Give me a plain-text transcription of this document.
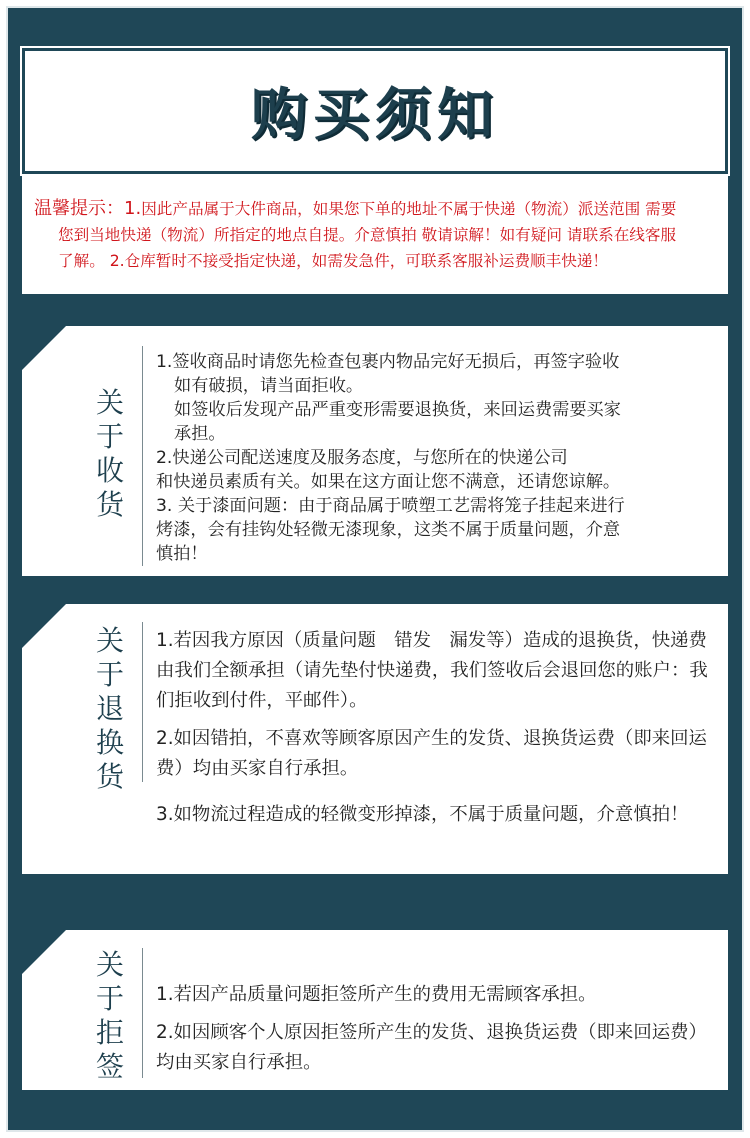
购买须知
温馨提示：1.因此产品属于大件商品，如果您下单的地址不属于快递（物流）派送范围 需要
您到当地快递（物流）所指定的地点自提。介意慎拍 敬请谅解！如有疑问 请联系在线客服
了解。 2.仓库暂时不接受指定快递，如需发急件，可联系客服补运费顺丰快递！
关于收货

1.签收商品时请您先检查包裹内物品完好无损后，再签字验收

如有破损，请当面拒收。

如签收后发现产品严重变形需要退换货，来回运费需要买家

承担。

2.快递公司配送速度及服务态度，与您所在的快递公司

和快递员素质有关。如果在这方面让您不满意，还请您谅解。

3. 关于漆面问题：由于商品属于喷塑工艺需将笼子挂起来进行

烤漆，会有挂钩处轻微无漆现象，这类不属于质量问题，介意

慎拍！

关于退换货

1.若因我方原因（质量问题　错发　漏发等）造成的退换货，快递费由我们全额承担（请先垫付快递费，我们签收后会退回您的账户：我们拒收到付件，平邮件）。

2.如因错拍，不喜欢等顾客原因产生的发货、退换货运费（即来回运费）均由买家自行承担。

3.如物流过程造成的轻微变形掉漆，不属于质量问题，介意慎拍！

关于拒签

1.若因产品质量问题拒签所产生的费用无需顾客承担。

2.如因顾客个人原因拒签所产生的发货、退换货运费（即来回运费）均由买家自行承担。
